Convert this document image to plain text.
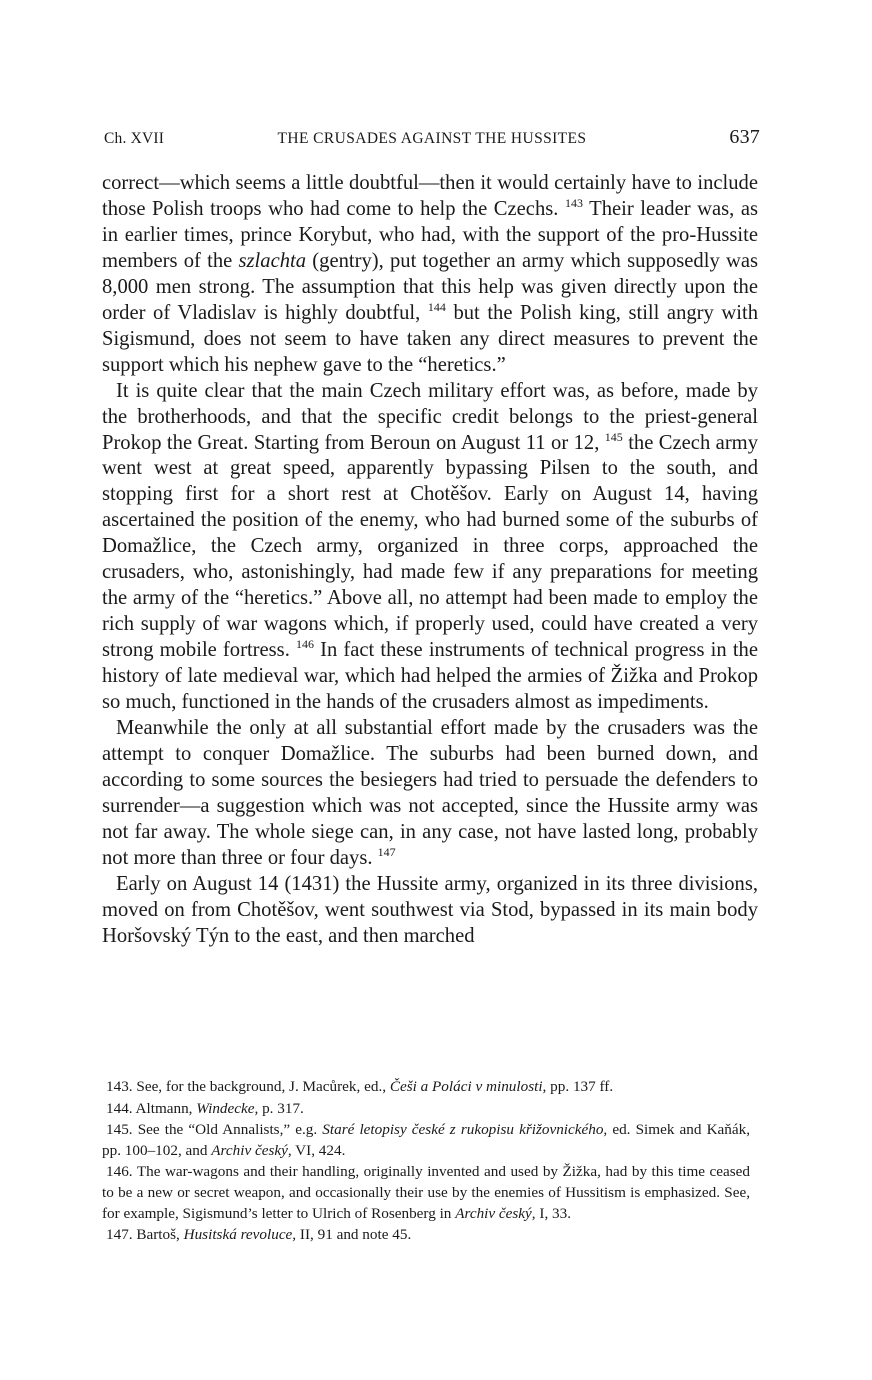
Ch. XVII	THE CRUSADES AGAINST THE HUSSITES	637

correct—which seems a little doubtful—then it would certainly have to include those Polish troops who had come to help the Czechs. $^{143}$ Their leader was, as in earlier times, prince Korybut, who had, with the support of the pro-Hussite members of the szlachta (gentry), put together an army which supposedly was 8,000 men strong. The assumption that this help was given directly upon the order of Vladislav is highly doubtful, $^{144}$ but the Polish king, still angry with Sigismund, does not seem to have taken any direct measures to prevent the support which his nephew gave to the “heretics.”

It is quite clear that the main Czech military effort was, as before, made by the brotherhoods, and that the specific credit belongs to the priest-general Prokop the Great. Starting from Beroun on August 11 or 12, $^{145}$ the Czech army went west at great speed, apparently bypassing Pilsen to the south, and stopping first for a short rest at Chotěšov. Early on August 14, having ascertained the position of the enemy, who had burned some of the suburbs of Domažlice, the Czech army, organized in three corps, approached the crusaders, who, astonishingly, had made few if any preparations for meeting the army of the “heretics.” Above all, no attempt had been made to employ the rich supply of war wagons which, if properly used, could have created a very strong mobile fortress. $^{146}$ In fact these instruments of technical progress in the history of late medieval war, which had helped the armies of Žižka and Prokop so much, functioned in the hands of the crusaders almost as impediments.

Meanwhile the only at all substantial effort made by the crusaders was the attempt to conquer Domažlice. The suburbs had been burned down, and according to some sources the besiegers had tried to persuade the defenders to surrender—a suggestion which was not accepted, since the Hussite army was not far away. The whole siege can, in any case, not have lasted long, probably not more than three or four days. $^{147}$

Early on August 14 (1431) the Hussite army, organized in its three divisions, moved on from Chotěšov, went southwest via Stod, bypassed in its main body Horšovský Týn to the east, and then marched

143. See, for the background, J. Macůrek, ed., Češi a Poláci v minulosti, pp. 137 ff.

144. Altmann, Windecke, p. 317.

145. See the “Old Annalists,” e.g. Staré letopisy české z rukopisu křižovnického, ed. Simek and Kaňák, pp. 100–102, and Archiv český, VI, 424.

146. The war-wagons and their handling, originally invented and used by Žižka, had by this time ceased to be a new or secret weapon, and occasionally their use by the enemies of Hussitism is emphasized. See, for example, Sigismund’s letter to Ulrich of Rosenberg in Archiv český, I, 33.

147. Bartoš, Husitská revoluce, II, 91 and note 45.
